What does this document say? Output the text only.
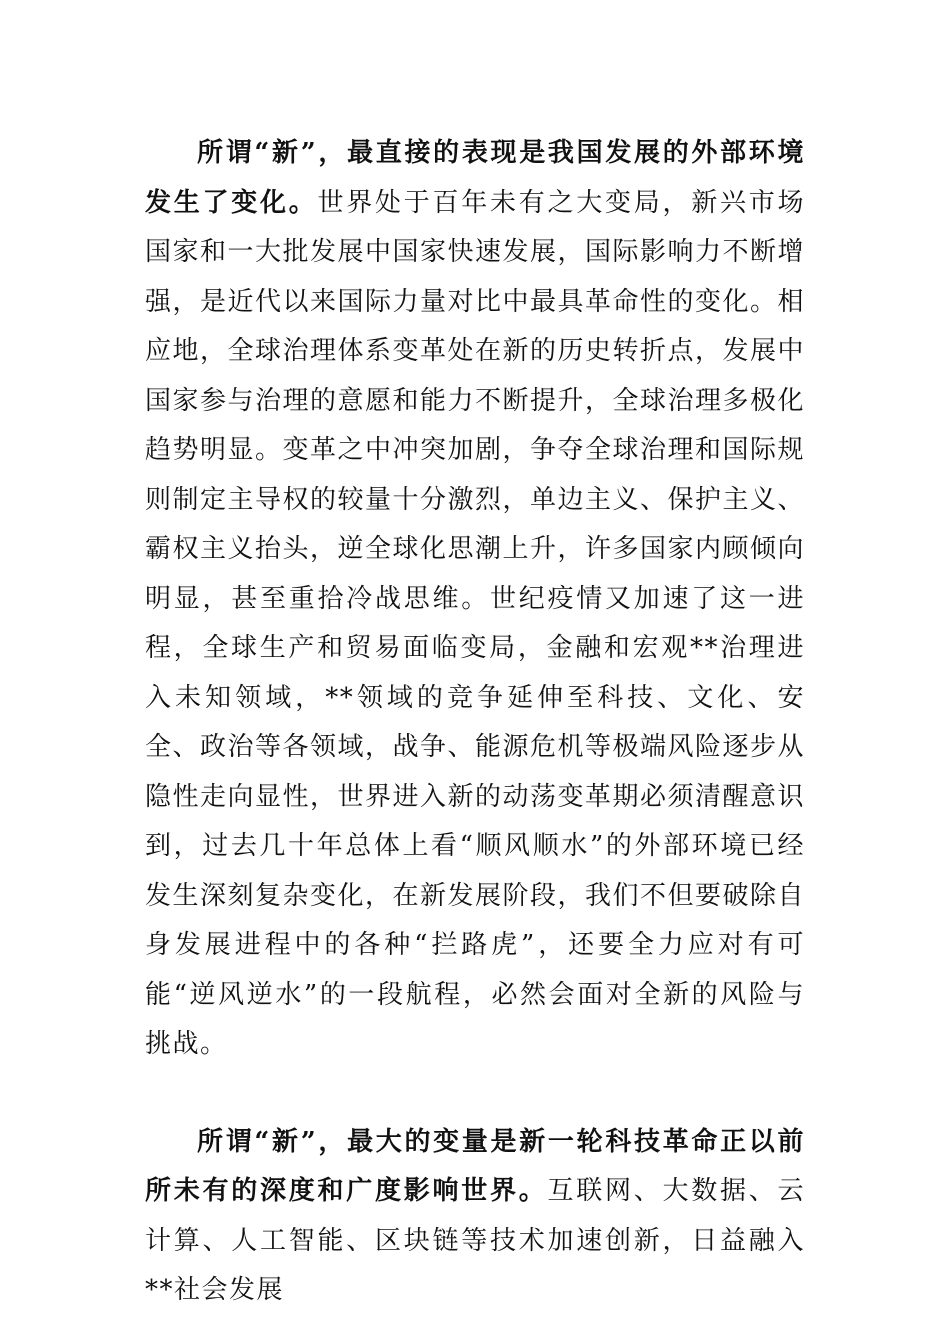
所谓“新”，最直接的表现是我国发展的外部环境发生了变化。世界处于百年未有之大变局，新兴市场国家和一大批发展中国家快速发展，国际影响力不断增强，是近代以来国际力量对比中最具革命性的变化。相应地，全球治理体系变革处在新的历史转折点，发展中国家参与治理的意愿和能力不断提升，全球治理多极化趋势明显。变革之中冲突加剧，争夺全球治理和国际规则制定主导权的较量十分激烈，单边主义、保护主义、霸权主义抬头，逆全球化思潮上升，许多国家内顾倾向明显，甚至重拾冷战思维。世纪疫情又加速了这一进程，全球生产和贸易面临变局，金融和宏观**治理进入未知领域，**领域的竞争延伸至科技、文化、安全、政治等各领域，战争、能源危机等极端风险逐步从隐性走向显性，世界进入新的动荡变革期必须清醒意识到，过去几十年总体上看“顺风顺水”的外部环境已经发生深刻复杂变化，在新发展阶段，我们不但要破除自身发展进程中的各种“拦路虎”，还要全力应对有可能“逆风逆水”的一段航程，必然会面对全新的风险与挑战。

所谓“新”，最大的变量是新一轮科技革命正以前所未有的深度和广度影响世界。互联网、大数据、云计算、人工智能、区块链等技术加速创新，日益融入**社会发展
